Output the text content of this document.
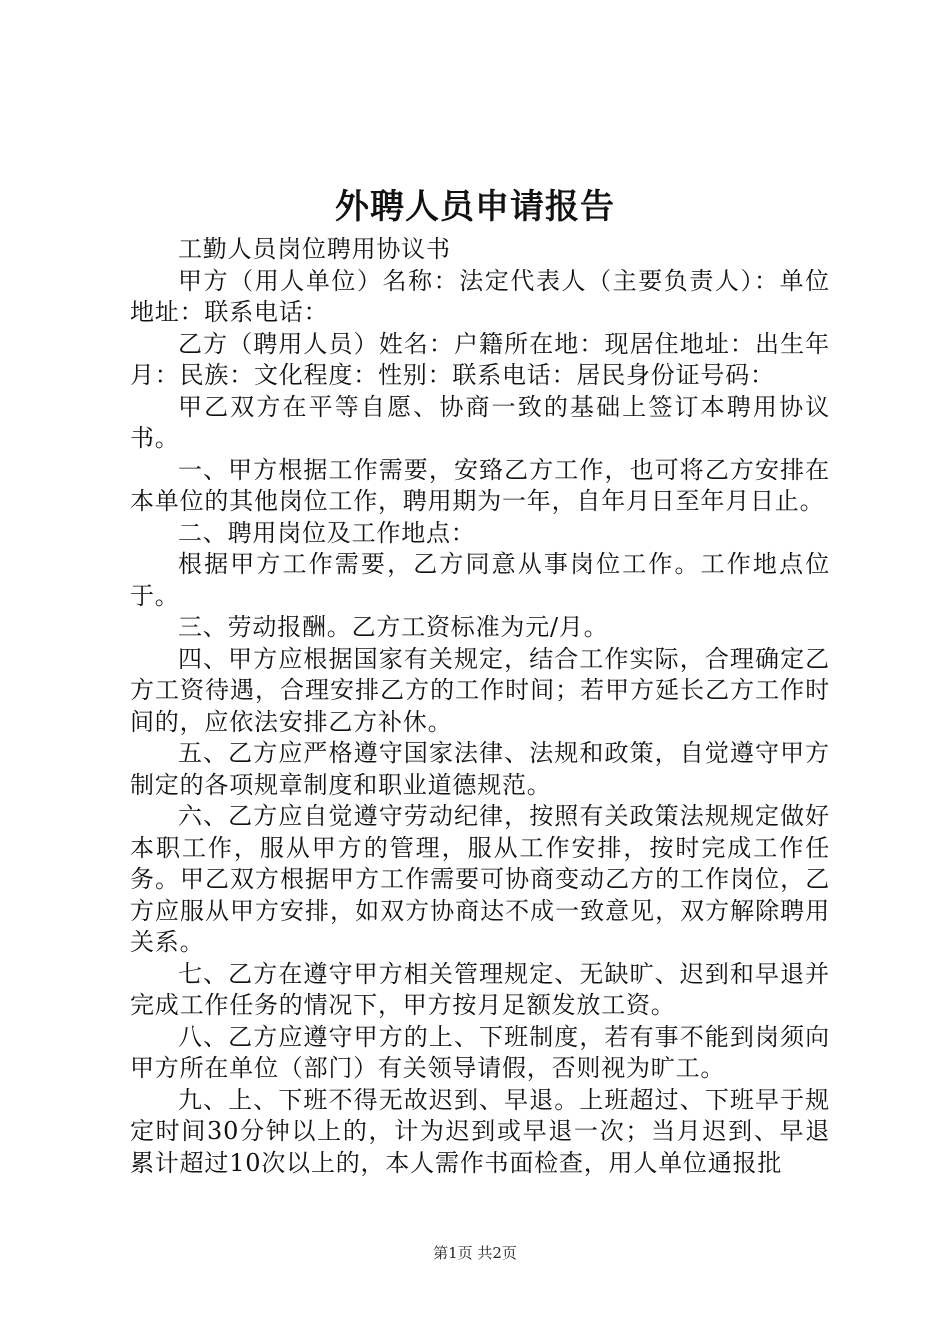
外聘人员申请报告

工勤人员岗位聘用协议书

甲方（用人单位）名称：法定代表人（主要负责人）：单位地址：联系电话：

乙方（聘用人员）姓名：户籍所在地：现居住地址：出生年月：民族：文化程度：性别：联系电话：居民身份证号码：

甲乙双方在平等自愿、协商一致的基础上签订本聘用协议书。

一、甲方根据工作需要，安臵乙方工作，也可将乙方安排在本单位的其他岗位工作，聘用期为一年，自年月日至年月日止。

二、聘用岗位及工作地点：

根据甲方工作需要，乙方同意从事岗位工作。工作地点位于。

三、劳动报酬。乙方工资标准为元/月。

四、甲方应根据国家有关规定，结合工作实际，合理确定乙方工资待遇，合理安排乙方的工作时间；若甲方延长乙方工作时间的，应依法安排乙方补休。

五、乙方应严格遵守国家法律、法规和政策，自觉遵守甲方制定的各项规章制度和职业道德规范。

六、乙方应自觉遵守劳动纪律，按照有关政策法规规定做好本职工作，服从甲方的管理，服从工作安排，按时完成工作任务。甲乙双方根据甲方工作需要可协商变动乙方的工作岗位，乙方应服从甲方安排，如双方协商达不成一致意见，双方解除聘用关系。

七、乙方在遵守甲方相关管理规定、无缺旷、迟到和早退并完成工作任务的情况下，甲方按月足额发放工资。

八、乙方应遵守甲方的上、下班制度，若有事不能到岗须向甲方所在单位（部门）有关领导请假，否则视为旷工。

九、上、下班不得无故迟到、早退。上班超过、下班早于规定时间30分钟以上的，计为迟到或早退一次；当月迟到、早退累计超过10次以上的，本人需作书面检查，用人单位通报批

第1页 共2页
